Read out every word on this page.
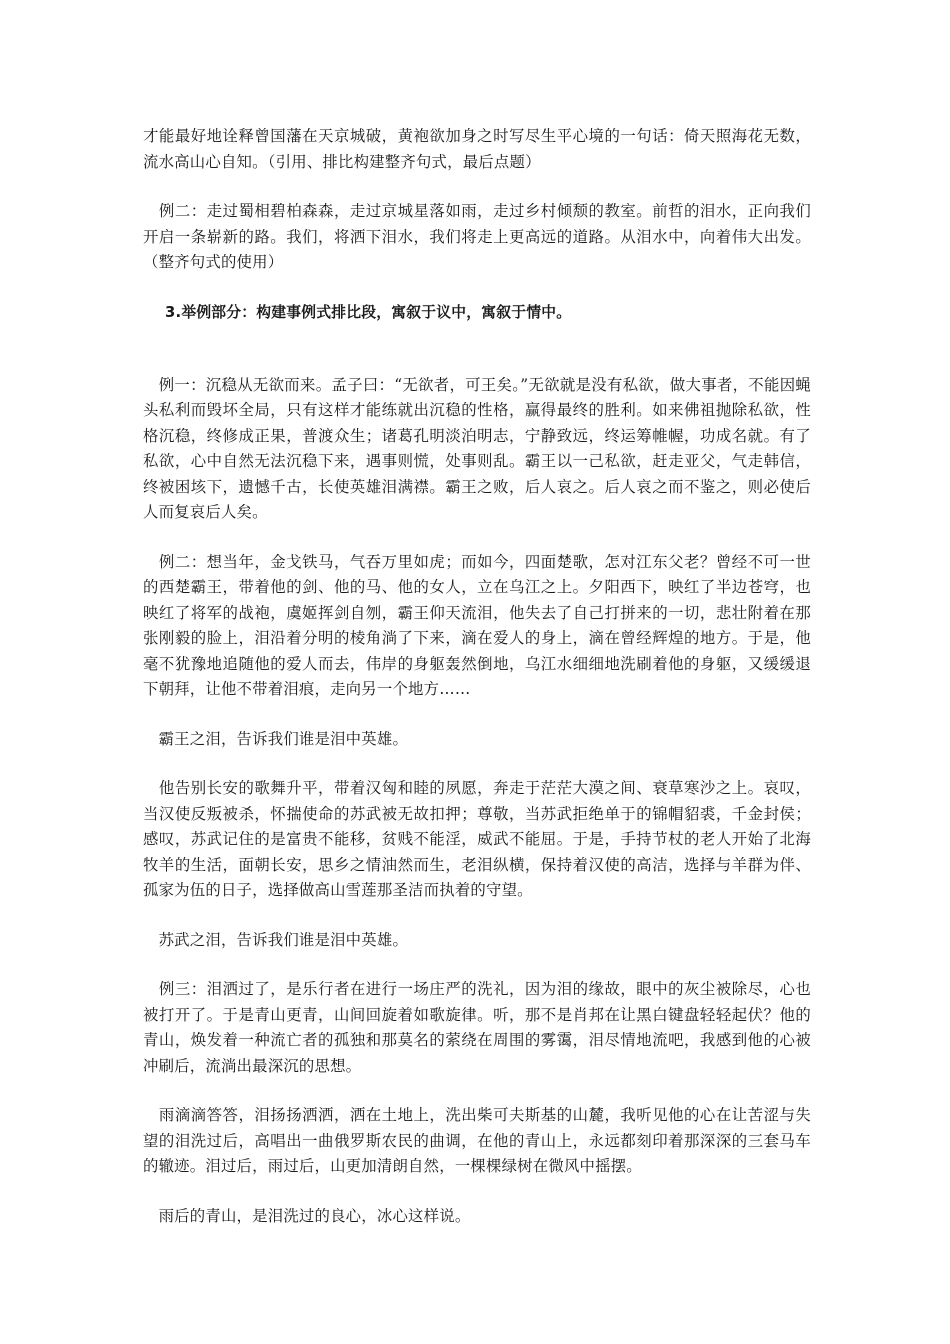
才能最好地诠释曾国藩在天京城破，黄袍欲加身之时写尽生平心境的一句话：倚天照海花无数，流水高山心自知。（引用、排比构建整齐句式，最后点题）

　例二：走过蜀相碧柏森森，走过京城星落如雨，走过乡村倾颓的教室。前哲的泪水，正向我们开启一条崭新的路。我们，将洒下泪水，我们将走上更高远的道路。从泪水中，向着伟大出发。（整齐句式的使用）

3.举例部分：构建事例式排比段，寓叙于议中，寓叙于情中。

　例一：沉稳从无欲而来。孟子曰：“无欲者，可王矣。”无欲就是没有私欲，做大事者，不能因蝇头私利而毁坏全局，只有这样才能练就出沉稳的性格，赢得最终的胜利。如来佛祖抛除私欲，性格沉稳，终修成正果，普渡众生；诸葛孔明淡泊明志，宁静致远，终运筹帷幄，功成名就。有了私欲，心中自然无法沉稳下来，遇事则慌，处事则乱。霸王以一己私欲，赶走亚父，气走韩信，终被困垓下，遗憾千古，长使英雄泪满襟。霸王之败，后人哀之。后人哀之而不鉴之，则必使后人而复哀后人矣。

　例二：想当年，金戈铁马，气吞万里如虎；而如今，四面楚歌，怎对江东父老？曾经不可一世的西楚霸王，带着他的剑、他的马、他的女人，立在乌江之上。夕阳西下，映红了半边苍穹，也映红了将军的战袍，虞姬挥剑自刎，霸王仰天流泪，他失去了自己打拼来的一切，悲壮附着在那张刚毅的脸上，泪沿着分明的棱角淌了下来，滴在爱人的身上，滴在曾经辉煌的地方。于是，他毫不犹豫地追随他的爱人而去，伟岸的身躯轰然倒地，乌江水细细地洗刷着他的身躯，又缓缓退下朝拜，让他不带着泪痕，走向另一个地方……

　霸王之泪，告诉我们谁是泪中英雄。

　他告别长安的歌舞升平，带着汉匈和睦的夙愿，奔走于茫茫大漠之间、衰草寒沙之上。哀叹，当汉使反叛被杀，怀揣使命的苏武被无故扣押；尊敬，当苏武拒绝单于的锦帽貂裘，千金封侯；感叹，苏武记住的是富贵不能移，贫贱不能淫，威武不能屈。于是，手持节杖的老人开始了北海牧羊的生活，面朝长安，思乡之情油然而生，老泪纵横，保持着汉使的高洁，选择与羊群为伴、孤家为伍的日子，选择做高山雪莲那圣洁而执着的守望。

　苏武之泪，告诉我们谁是泪中英雄。

　例三：泪洒过了，是乐行者在进行一场庄严的洗礼，因为泪的缘故，眼中的灰尘被除尽，心也被打开了。于是青山更青，山间回旋着如歌旋律。听，那不是肖邦在让黑白键盘轻轻起伏？他的青山，焕发着一种流亡者的孤独和那莫名的萦绕在周围的雾霭，泪尽情地流吧，我感到他的心被冲刷后，流淌出最深沉的思想。

　雨滴滴答答，泪扬扬洒洒，洒在土地上，洗出柴可夫斯基的山麓，我听见他的心在让苦涩与失望的泪洗过后，高唱出一曲俄罗斯农民的曲调，在他的青山上，永远都刻印着那深深的三套马车的辙迹。泪过后，雨过后，山更加清朗自然，一棵棵绿树在微风中摇摆。

　雨后的青山，是泪洗过的良心，冰心这样说。
